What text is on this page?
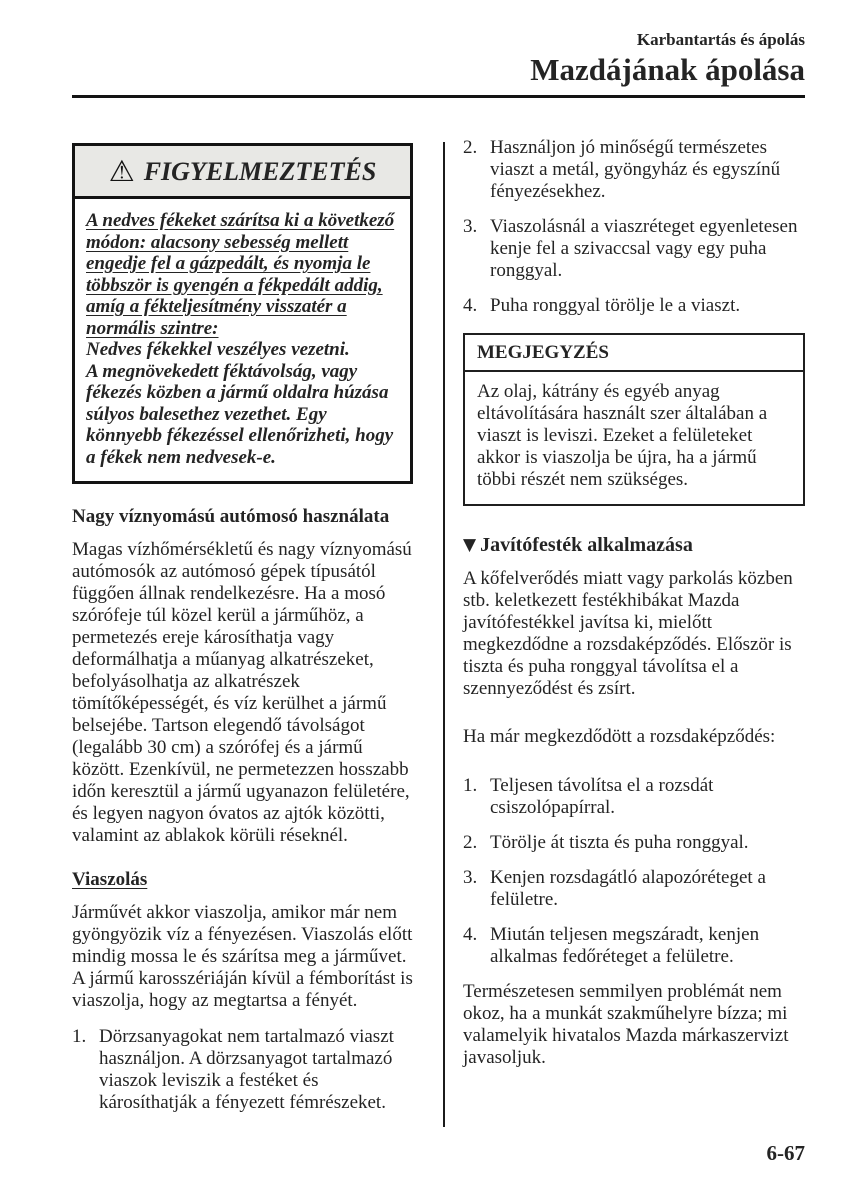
Karbantartás és ápolás
Mazdájának ápolása
⚠ FIGYELMEZTETÉS
A nedves fékeket szárítsa ki a következő módon: alacsony sebesség mellett engedje fel a gázpedált, és nyomja le többször is gyengén a fékpedált addig, amíg a fékteljesítmény visszatér a normális szintre:
Nedves fékekkel veszélyes vezetni.
A megnövekedett féktávolság, vagy fékezés közben a jármű oldalra húzása súlyos balesethez vezethet. Egy könnyebb fékezéssel ellenőrizheti, hogy a fékek nem nedvesek-e.
Nagy víznyomású autómosó használata

Magas vízhőmérsékletű és nagy víznyomású autómosók az autómosó gépek típusától függően állnak rendelkezésre. Ha a mosó szórófeje túl közel kerül a járműhöz, a permetezés ereje károsíthatja vagy deformálhatja a műanyag alkatrészeket, befolyásolhatja az alkatrészek tömítőképességét, és víz kerülhet a jármű belsejébe. Tartson elegendő távolságot (legalább 30 cm) a szórófej és a jármű között. Ezenkívül, ne permetezzen hosszabb időn keresztül a jármű ugyanazon felületére, és legyen nagyon óvatos az ajtók közötti, valamint az ablakok körüli réseknél.

Viaszolás

Járművét akkor viaszolja, amikor már nem gyöngyözik víz a fényezésen. Viaszolás előtt mindig mossa le és szárítsa meg a járművet. A jármű karosszériáján kívül a fémborítást is viaszolja, hogy az megtartsa a fényét.

1. Dörzsanyagokat nem tartalmazó viaszt használjon. A dörzsanyagot tartalmazó viaszok leviszik a festéket és károsíthatják a fényezett fémrészeket.
2. Használjon jó minőségű természetes viaszt a metál, gyöngyház és egyszínű fényezésekhez.
3. Viaszolásnál a viaszréteget egyenletesen kenje fel a szivaccsal vagy egy puha ronggyal.
4. Puha ronggyal törölje le a viaszt.
MEGJEGYZÉS
Az olaj, kátrány és egyéb anyag eltávolítására használt szer általában a viaszt is leviszi. Ezeket a felületeket akkor is viaszolja be újra, ha a jármű többi részét nem szükséges.
▼ Javítófesték alkalmazása

A kőfelverődés miatt vagy parkolás közben stb. keletkezett festékhibákat Mazda javítófestékkel javítsa ki, mielőtt megkezdődne a rozsdaképződés. Először is tiszta és puha ronggyal távolítsa el a szennyeződést és zsírt.

Ha már megkezdődött a rozsdaképződés:

1. Teljesen távolítsa el a rozsdát csiszolópapírral.
2. Törölje át tiszta és puha ronggyal.
3. Kenjen rozsdagátló alapozóréteget a felületre.
4. Miután teljesen megszáradt, kenjen alkalmas fedőréteget a felületre.

Természetesen semmilyen problémát nem okoz, ha a munkát szakműhelyre bízza; mi valamelyik hivatalos Mazda márkaszervizt javasoljuk.

6-67
